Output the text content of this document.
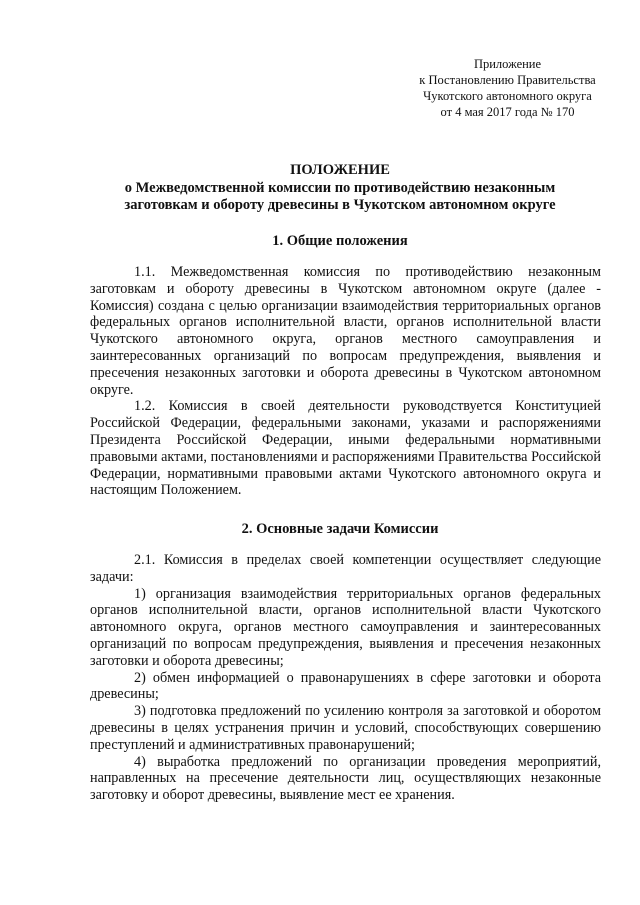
Приложение
к Постановлению Правительства
Чукотского автономного округа
от 4 мая 2017 года № 170
ПОЛОЖЕНИЕ
о Межведомственной комиссии по противодействию незаконным
заготовкам и обороту древесины в Чукотском автономном округе
1. Общие положения

1.1. Межведомственная комиссия по противодействию незаконным заготовкам и обороту древесины в Чукотском автономном округе (далее - Комиссия) создана с целью организации взаимодействия территориальных органов федеральных органов исполнительной власти, органов исполнительной власти Чукотского автономного округа, органов местного самоуправления и заинтересованных организаций по вопросам предупреждения, выявления и пресечения незаконных заготовки и оборота древесины в Чукотском автономном округе.

1.2. Комиссия в своей деятельности руководствуется Конституцией Российской Федерации, федеральными законами, указами и распоряжениями Президента Российской Федерации, иными федеральными нормативными правовыми актами, постановлениями и распоряжениями Правительства Российской Федерации, нормативными правовыми актами Чукотского автономного округа и настоящим Положением.

2. Основные задачи Комиссии

2.1. Комиссия в пределах своей компетенции осуществляет следующие задачи:

1) организация взаимодействия территориальных органов федеральных органов исполнительной власти, органов исполнительной власти Чукотского автономного округа, органов местного самоуправления и заинтересованных организаций по вопросам предупреждения, выявления и пресечения незаконных заготовки и оборота древесины;

2) обмен информацией о правонарушениях в сфере заготовки и оборота древесины;

3) подготовка предложений по усилению контроля за заготовкой и оборотом древесины в целях устранения причин и условий, способствующих совершению преступлений и административных правонарушений;

4) выработка предложений по организации проведения мероприятий, направленных на пресечение деятельности лиц, осуществляющих незаконные заготовку и оборот древесины, выявление мест ее хранения.
